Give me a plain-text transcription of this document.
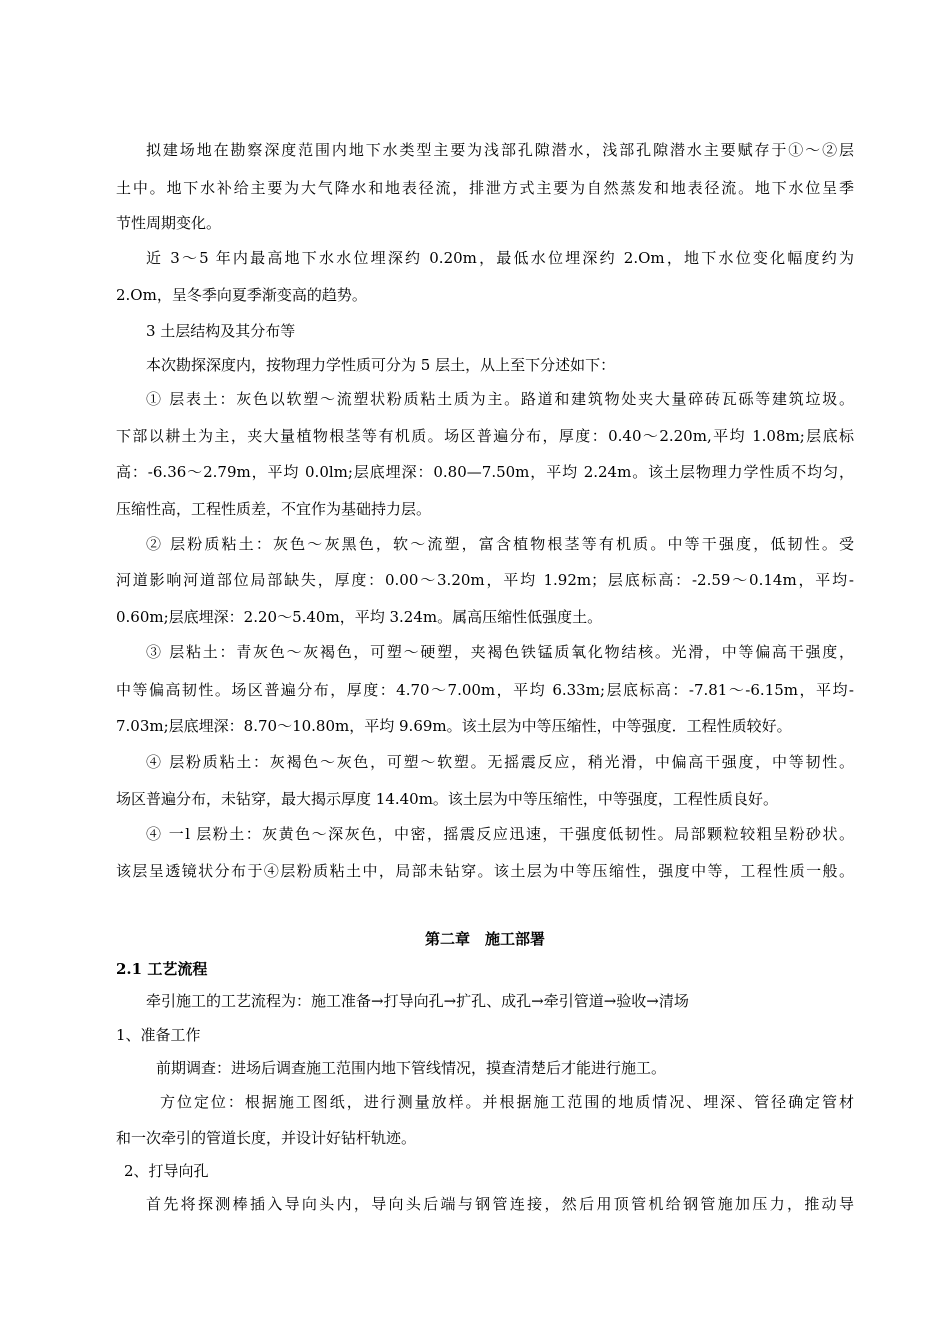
拟建场地在勘察深度范围内地下水类型主要为浅部孔隙潜水，浅部孔隙潜水主要赋存于①～②层
土中。地下水补给主要为大气降水和地表径流，排泄方式主要为自然蒸发和地表径流。地下水位呈季
节性周期变化。
近 3～5 年内最高地下水水位埋深约 0.20m，最低水位埋深约 2.Om，地下水位变化幅度约为
2.Om，呈冬季向夏季渐变高的趋势。
3 土层结构及其分布等
本次勘探深度内，按物理力学性质可分为 5 层土，从上至下分述如下：
① 层表土：灰色以软塑～流塑状粉质粘土质为主。路道和建筑物处夹大量碎砖瓦砾等建筑垃圾。
下部以耕土为主，夹大量植物根茎等有机质。场区普遍分布，厚度：0.40～2.20m,平均 1.08m;层底标
高：-6.36～2.79m，平均 0.0lm;层底埋深：0.80—7.50m，平均 2.24m。该土层物理力学性质不均匀，
压缩性高，工程性质差，不宜作为基础持力层。
② 层粉质粘土：灰色～灰黑色，软～流塑，富含植物根茎等有机质。中等干强度，低韧性。受
河道影响河道部位局部缺失，厚度：0.00～3.20m，平均 1.92m；层底标高：-2.59～0.14m，平均-
0.60m;层底埋深：2.20～5.40m，平均 3.24m。属高压缩性低强度土。
③ 层粘土：青灰色～灰褐色，可塑～硬塑，夹褐色铁锰质氧化物结核。光滑，中等偏高干强度，
中等偏高韧性。场区普遍分布，厚度：4.70～7.00m，平均 6.33m;层底标高：-7.81～-6.15m，平均-
7.03m;层底埋深：8.70～10.80m，平均 9.69m。该土层为中等压缩性，中等强度．工程性质较好。
④ 层粉质粘土：灰褐色～灰色，可塑～软塑。无摇震反应，稍光滑，中偏高干强度，中等韧性。
场区普遍分布，未钻穿，最大揭示厚度 14.40m。该土层为中等压缩性，中等强度，工程性质良好。
④ 一l 层粉土：灰黄色～深灰色，中密，摇震反应迅速，干强度低韧性。局部颗粒较粗呈粉砂状。
该层呈透镜状分布于④层粉质粘土中，局部未钻穿。该土层为中等压缩性，强度中等，工程性质一般。
第二章　施工部署
2.1 工艺流程
牵引施工的工艺流程为：施工准备→打导向孔→扩孔、成孔→牵引管道→验收→清场
1、准备工作
前期调查：进场后调查施工范围内地下管线情况，摸查清楚后才能进行施工。
方位定位：根据施工图纸，进行测量放样。并根据施工范围的地质情况、埋深、管径确定管材
和一次牵引的管道长度，并设计好钻杆轨迹。
2、打导向孔
首先将探测棒插入导向头内，导向头后端与钢管连接，然后用顶管机给钢管施加压力，推动导
